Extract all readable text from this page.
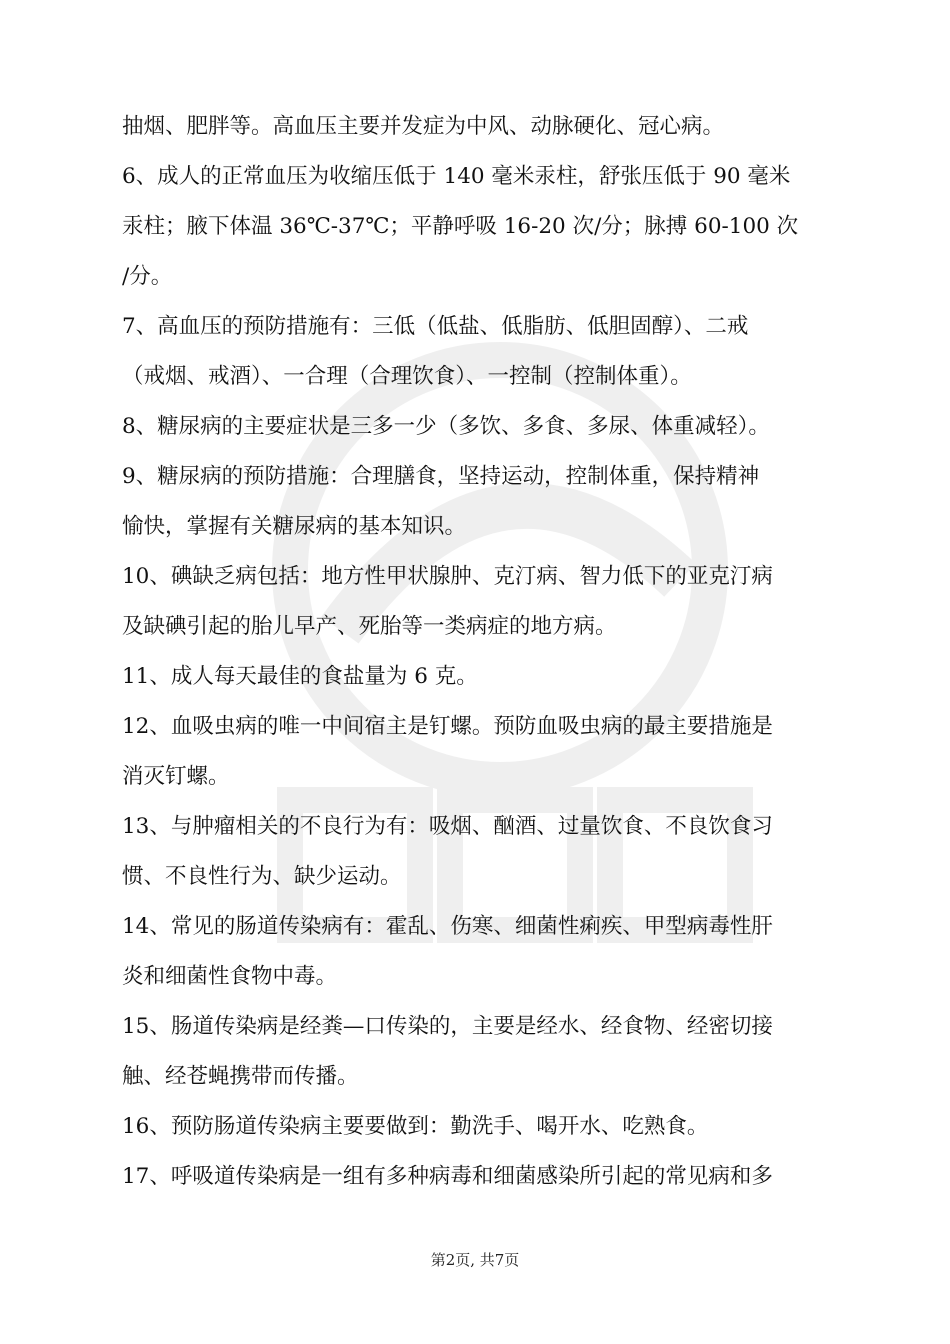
抽烟、肥胖等。高血压主要并发症为中风、动脉硬化、冠心病。
6、成人的正常血压为收缩压低于 140 毫米汞柱，舒张压低于 90 毫米
汞柱；腋下体温 36℃-37℃；平静呼吸 16-20 次/分；脉搏 60-100 次
/分。
7、高血压的预防措施有：三低（低盐、低脂肪、低胆固醇）、二戒
（戒烟、戒酒）、一合理（合理饮食）、一控制（控制体重）。
8、糖尿病的主要症状是三多一少（多饮、多食、多尿、体重减轻）。
9、糖尿病的预防措施：合理膳食，坚持运动，控制体重，保持精神
愉快，掌握有关糖尿病的基本知识。
10、碘缺乏病包括：地方性甲状腺肿、克汀病、智力低下的亚克汀病
及缺碘引起的胎儿早产、死胎等一类病症的地方病。
11、成人每天最佳的食盐量为 6 克。
12、血吸虫病的唯一中间宿主是钉螺。预防血吸虫病的最主要措施是
消灭钉螺。
13、与肿瘤相关的不良行为有：吸烟、酗酒、过量饮食、不良饮食习
惯、不良性行为、缺少运动。
14、常见的肠道传染病有：霍乱、伤寒、细菌性痢疾、甲型病毒性肝
炎和细菌性食物中毒。
15、肠道传染病是经粪—口传染的，主要是经水、经食物、经密切接
触、经苍蝇携带而传播。
16、预防肠道传染病主要要做到：勤洗手、喝开水、吃熟食。
17、呼吸道传染病是一组有多种病毒和细菌感染所引起的常见病和多
第2页, 共7页
